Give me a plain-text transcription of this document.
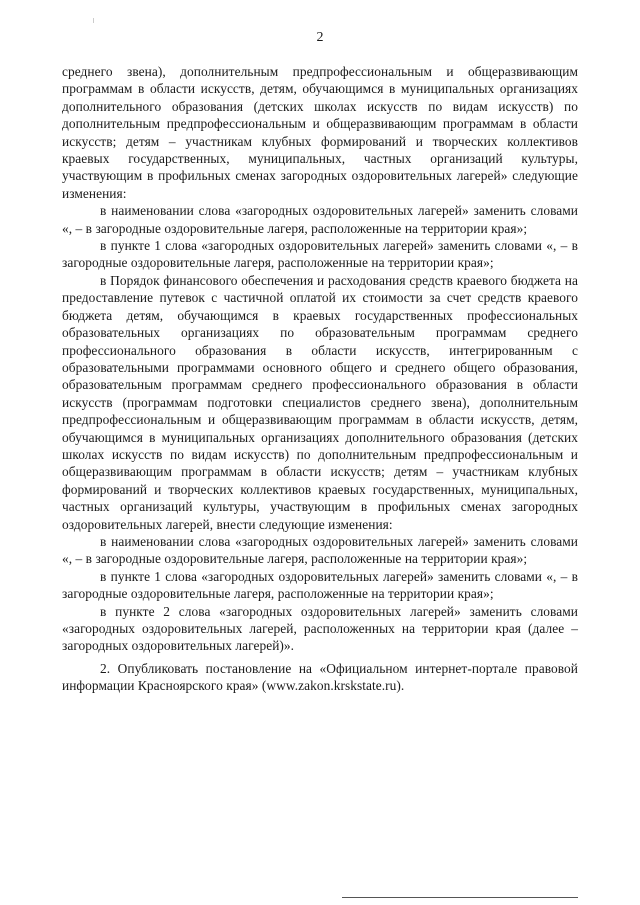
2

среднего звена), дополнительным предпрофессиональным и общеразвивающим программам в области искусств, детям, обучающимся в муниципальных организациях дополнительного образования (детских школах искусств по видам искусств) по дополнительным предпрофессиональным и общеразвивающим программам в области искусств; детям – участникам клубных формирований и творческих коллективов краевых государственных, муниципальных, частных организаций культуры, участвующим в профильных сменах загородных оздоровительных лагерей» следующие изменения:

в наименовании слова «загородных оздоровительных лагерей» заменить словами «, – в загородные оздоровительные лагеря, расположенные на территории края»;

в пункте 1 слова «загородных оздоровительных лагерей» заменить словами «, – в загородные оздоровительные лагеря, расположенные на территории края»;

в Порядок финансового обеспечения и расходования средств краевого бюджета на предоставление путевок с частичной оплатой их стоимости за счет средств краевого бюджета детям, обучающимся в краевых государственных профессиональных образовательных организациях по образовательным программам среднего профессионального образования в области искусств, интегрированным с образовательными программами основного общего и среднего общего образования, образовательным программам среднего профессионального образования в области искусств (программам подготовки специалистов среднего звена), дополнительным предпрофессиональным и общеразвивающим программам в области искусств, детям, обучающимся в муниципальных организациях дополнительного образования (детских школах искусств по видам искусств) по дополнительным предпрофессиональным и общеразвивающим программам в области искусств; детям – участникам клубных формирований и творческих коллективов краевых государственных, муниципальных, частных организаций культуры, участвующим в профильных сменах загородных оздоровительных лагерей, внести следующие изменения:

в наименовании слова «загородных оздоровительных лагерей» заменить словами «, – в загородные оздоровительные лагеря, расположенные на территории края»;

в пункте 1 слова «загородных оздоровительных лагерей» заменить словами «, – в загородные оздоровительные лагеря, расположенные на территории края»;

в пункте 2 слова «загородных оздоровительных лагерей» заменить словами «загородных оздоровительных лагерей, расположенных на территории края (далее – загородных оздоровительных лагерей)».

2. Опубликовать постановление на «Официальном интернет-портале правовой информации Красноярского края» (www.zakon.krskstate.ru).
